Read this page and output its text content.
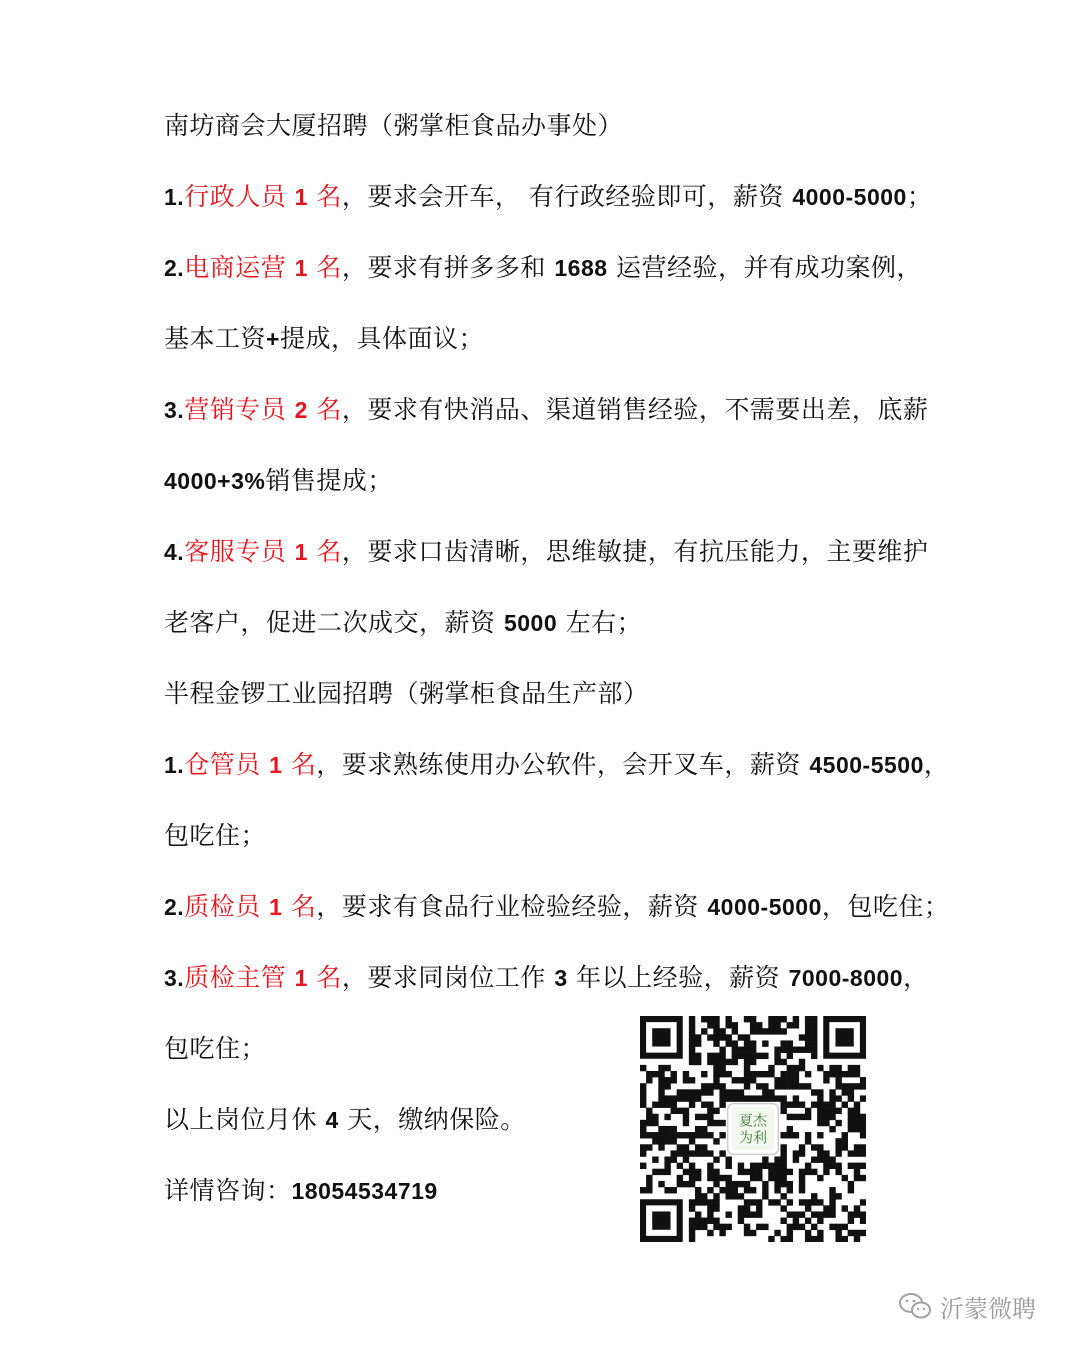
南坊商会大厦招聘（粥掌柜食品办事处）
1.行政人员 1 名，要求会开车， 有行政经验即可，薪资 4000-5000；
2.电商运营 1 名，要求有拼多多和 1688 运营经验，并有成功案例，
基本工资+提成，具体面议；
3.营销专员 2 名，要求有快消品、渠道销售经验，不需要出差，底薪
4000+3%销售提成；
4.客服专员 1 名，要求口齿清晰，思维敏捷，有抗压能力，主要维护
老客户，促进二次成交，薪资 5000 左右；
半程金锣工业园招聘（粥掌柜食品生产部）
1.仓管员 1 名，要求熟练使用办公软件，会开叉车，薪资 4500-5500，
包吃住；
2.质检员 1 名，要求有食品行业检验经验，薪资 4000-5000，包吃住；
3.质检主管 1 名，要求同岗位工作 3 年以上经验，薪资 7000-8000，
包吃住；
以上岗位月休 4 天，缴纳保险。
详情咨询：18054534719
夏杰
为利
沂蒙微聘
